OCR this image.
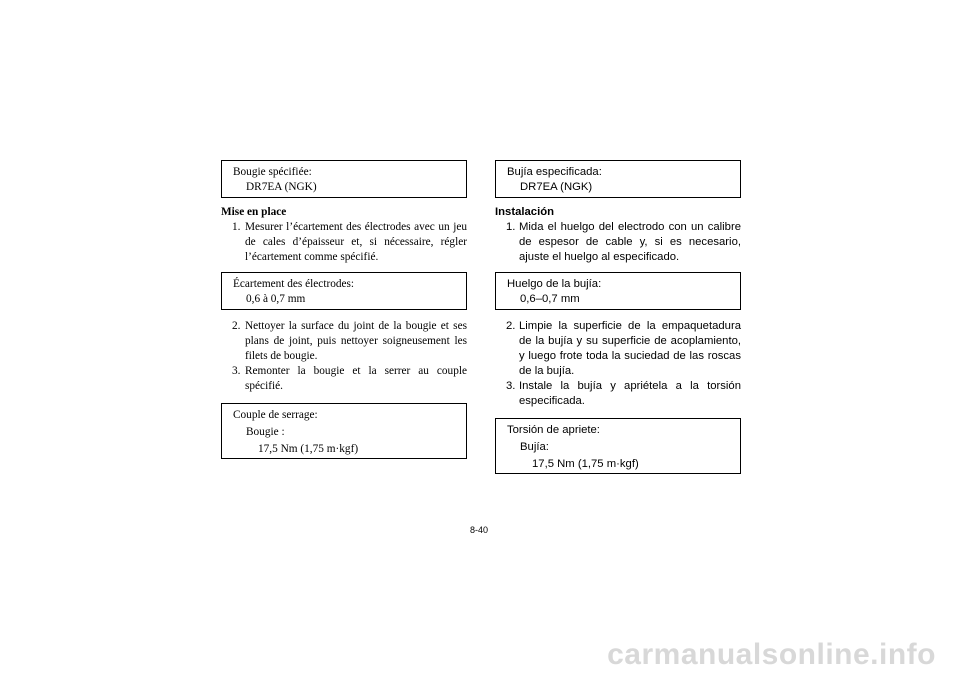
Bougie spécifiée:
DR7EA (NGK)
Mise en place
1. Mesurer l’écartement des électrodes avec un jeu de cales d’épaisseur et, si nécessaire, régler l’écartement comme spécifié.
Écartement des électrodes:
0,6 à 0,7 mm
2. Nettoyer la surface du joint de la bougie et ses plans de joint, puis nettoyer soigneusement les filets de bougie.
3. Remonter la bougie et la serrer au couple spécifié.
Couple de serrage:
Bougie :
17,5 Nm (1,75 m·kgf)
Bujía especificada:
DR7EA (NGK)
Instalación
1. Mida el huelgo del electrodo con un calibre de espesor de cable y, si es necesario, ajuste el huelgo al especificado.
Huelgo de la bujía:
0,6–0,7 mm
2. Limpie la superficie de la empaquetadura de la bujía y su superficie de acoplamiento, y luego frote toda la suciedad de las roscas de la bujía.
3. Instale la bujía y apriétela a la torsión especificada.
Torsión de apriete:
Bujía:
17,5 Nm (1,75 m·kgf)
8-40
carmanualsonline.info
